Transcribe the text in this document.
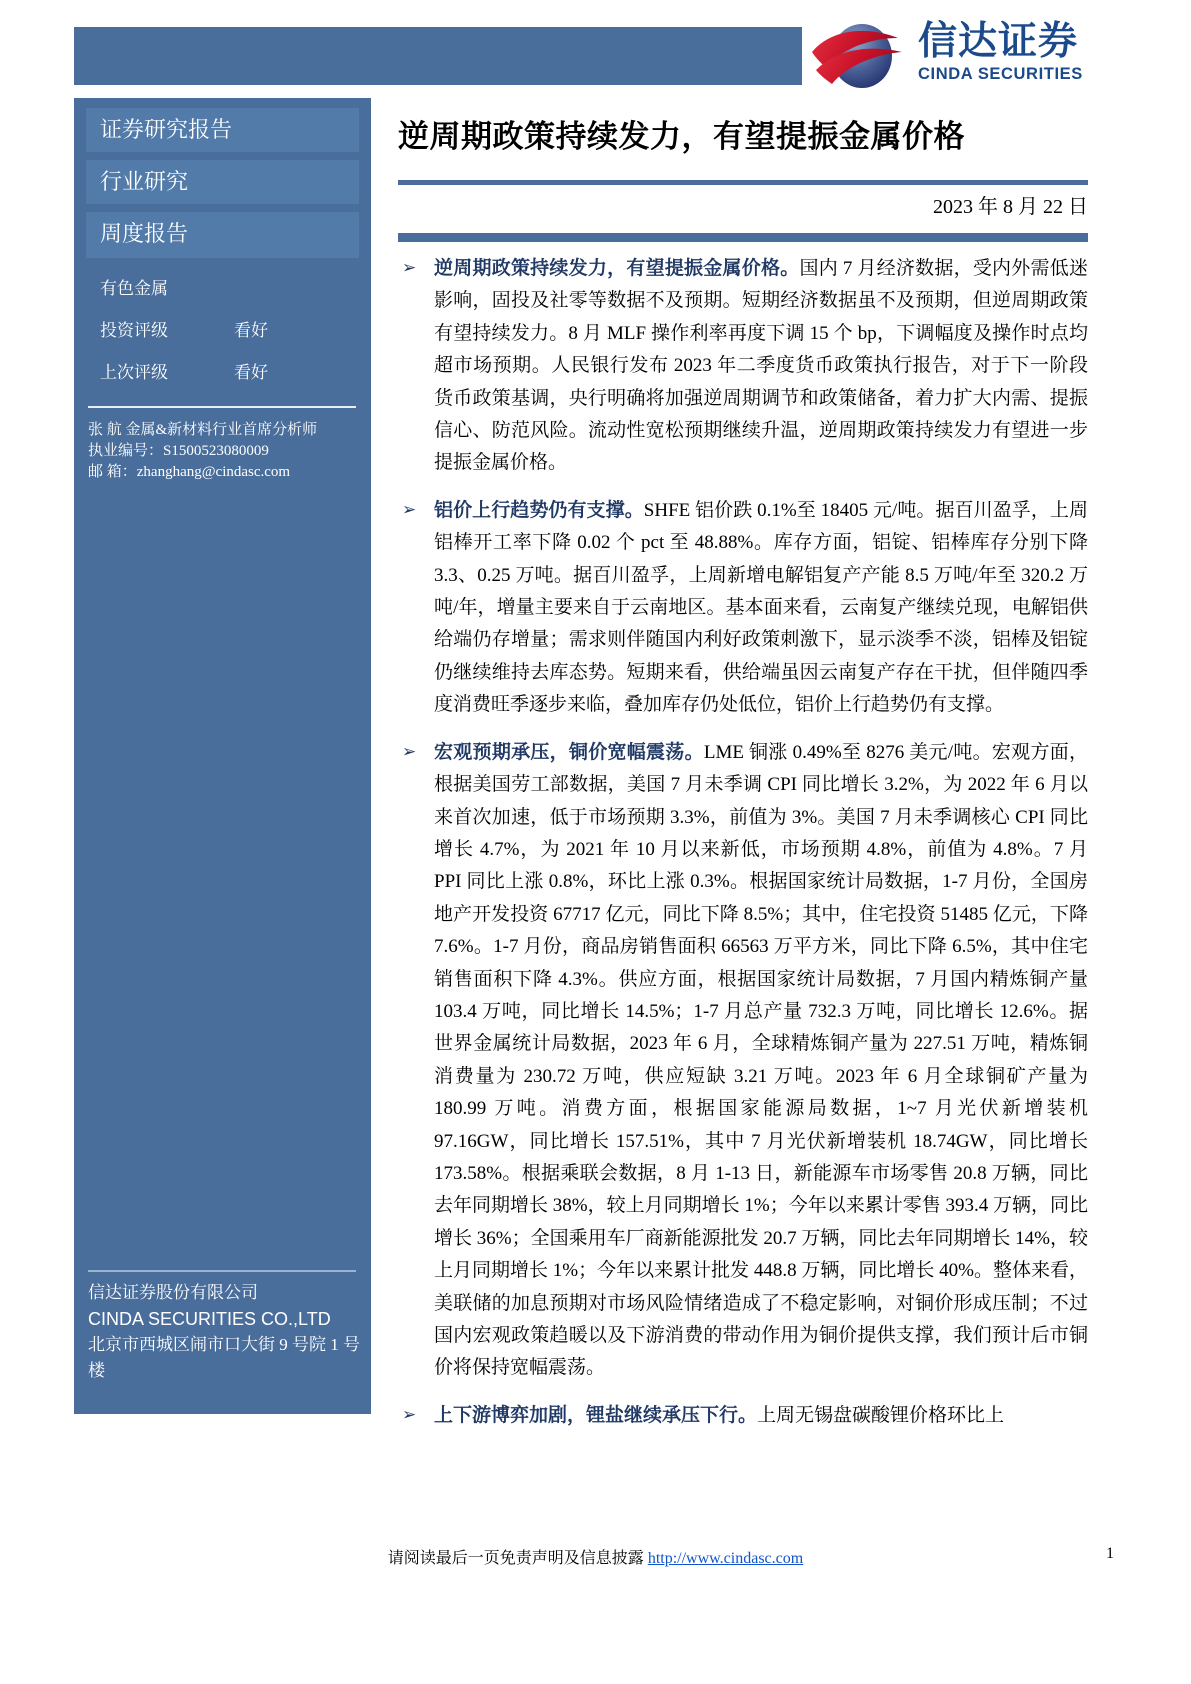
信达证券
CINDA SECURITIES
证券研究报告
行业研究
周度报告
有色金属
投资评级	看好
上次评级	看好
张 航 金属&新材料行业首席分析师
执业编号：S1500523080009
邮 箱：zhanghang@cindasc.com
信达证券股份有限公司
CINDA SECURITIES CO.,LTD
北京市西城区闹市口大街 9 号院 1 号楼
逆周期政策持续发力，有望提振金属价格
2023 年 8 月 22 日
➢ 逆周期政策持续发力，有望提振金属价格。国内 7 月经济数据，受内外需低迷影响，固投及社零等数据不及预期。短期经济数据虽不及预期，但逆周期政策有望持续发力。8 月 MLF 操作利率再度下调 15 个 bp，下调幅度及操作时点均超市场预期。人民银行发布 2023 年二季度货币政策执行报告，对于下一阶段货币政策基调，央行明确将加强逆周期调节和政策储备，着力扩大内需、提振信心、防范风险。流动性宽松预期继续升温，逆周期政策持续发力有望进一步提振金属价格。
➢ 铝价上行趋势仍有支撑。SHFE 铝价跌 0.1%至 18405 元/吨。据百川盈孚，上周铝棒开工率下降 0.02 个 pct 至 48.88%。库存方面，铝锭、铝棒库存分别下降 3.3、0.25 万吨。据百川盈孚，上周新增电解铝复产产能 8.5 万吨/年至 320.2 万吨/年，增量主要来自于云南地区。基本面来看，云南复产继续兑现，电解铝供给端仍存增量；需求则伴随国内利好政策刺激下，显示淡季不淡，铝棒及铝锭仍继续维持去库态势。短期来看，供给端虽因云南复产存在干扰，但伴随四季度消费旺季逐步来临，叠加库存仍处低位，铝价上行趋势仍有支撑。
➢ 宏观预期承压，铜价宽幅震荡。LME 铜涨 0.49%至 8276 美元/吨。宏观方面，根据美国劳工部数据，美国 7 月未季调 CPI 同比增长 3.2%，为 2022 年 6 月以来首次加速，低于市场预期 3.3%，前值为 3%。美国 7 月未季调核心 CPI 同比增长 4.7%，为 2021 年 10 月以来新低，市场预期 4.8%，前值为 4.8%。7 月 PPI 同比上涨 0.8%，环比上涨 0.3%。根据国家统计局数据，1-7 月份，全国房地产开发投资 67717 亿元，同比下降 8.5%；其中，住宅投资 51485 亿元，下降 7.6%。1-7 月份，商品房销售面积 66563 万平方米，同比下降 6.5%，其中住宅销售面积下降 4.3%。供应方面，根据国家统计局数据，7 月国内精炼铜产量 103.4 万吨，同比增长 14.5%；1-7 月总产量 732.3 万吨，同比增长 12.6%。据世界金属统计局数据，2023 年 6 月，全球精炼铜产量为 227.51 万吨，精炼铜消费量为 230.72 万吨，供应短缺 3.21 万吨。2023 年 6 月全球铜矿产量为 180.99 万吨。消费方面，根据国家能源局数据，1~7 月光伏新增装机 97.16GW，同比增长 157.51%，其中 7 月光伏新增装机 18.74GW，同比增长 173.58%。根据乘联会数据，8 月 1-13 日，新能源车市场零售 20.8 万辆，同比去年同期增长 38%，较上月同期增长 1%；今年以来累计零售 393.4 万辆，同比增长 36%；全国乘用车厂商新能源批发 20.7 万辆，同比去年同期增长 14%，较上月同期增长 1%；今年以来累计批发 448.8 万辆，同比增长 40%。整体来看，美联储的加息预期对市场风险情绪造成了不稳定影响，对铜价形成压制；不过国内宏观政策趋暖以及下游消费的带动作用为铜价提供支撑，我们预计后市铜价将保持宽幅震荡。
➢ 上下游博弈加剧，锂盐继续承压下行。上周无锡盘碳酸锂价格环比上
请阅读最后一页免责声明及信息披露 http://www.cindasc.com	1
